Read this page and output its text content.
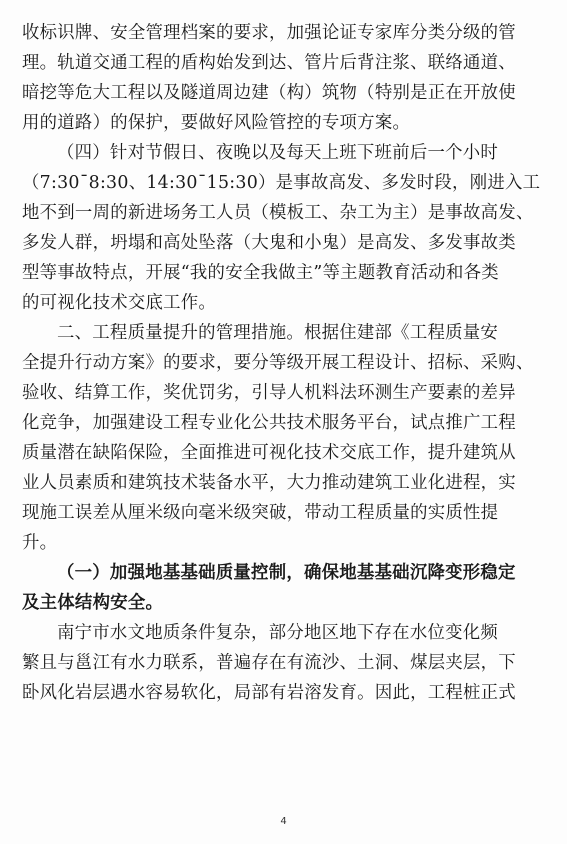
收标识牌、安全管理档案的要求，加强论证专家库分类分级的管
理。轨道交通工程的盾构始发到达、管片后背注浆、联络通道、
暗挖等危大工程以及隧道周边建（构）筑物（特别是正在开放使
用的道路）的保护，要做好风险管控的专项方案。
（四）针对节假日、夜晚以及每天上班下班前后一个小时
（7:30¯8:30、14:30¯15:30）是事故高发、多发时段，刚进入工
地不到一周的新进场务工人员（模板工、杂工为主）是事故高发、
多发人群，坍塌和高处坠落（大鬼和小鬼）是高发、多发事故类
型等事故特点，开展“我的安全我做主”等主题教育活动和各类
的可视化技术交底工作。
二、工程质量提升的管理措施。根据住建部《工程质量安
全提升行动方案》的要求，要分等级开展工程设计、招标、采购、
验收、结算工作，奖优罚劣，引导人机料法环测生产要素的差异
化竞争，加强建设工程专业化公共技术服务平台，试点推广工程
质量潜在缺陷保险，全面推进可视化技术交底工作，提升建筑从
业人员素质和建筑技术装备水平，大力推动建筑工业化进程，实
现施工误差从厘米级向毫米级突破，带动工程质量的实质性提
升。
（一）加强地基基础质量控制，确保地基基础沉降变形稳定
及主体结构安全。
南宁市水文地质条件复杂，部分地区地下存在水位变化频
繁且与邕江有水力联系，普遍存在有流沙、土洞、煤层夹层，下
卧风化岩层遇水容易软化，局部有岩溶发育。因此，工程桩正式
4
